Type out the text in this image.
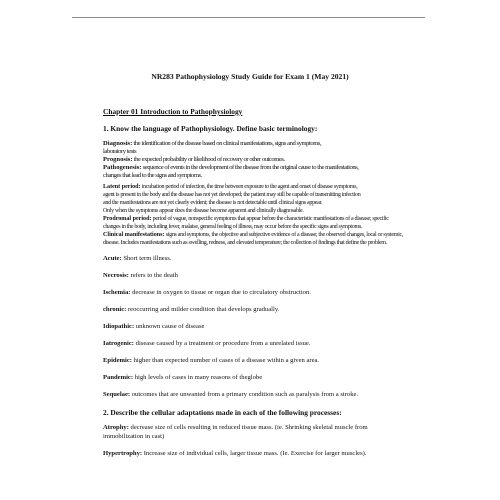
NR283 Pathophysiology Study Guide for Exam 1 (May 2021)
Chapter 01 Introduction to Pathophysiology
1. Know the language of Pathophysiology. Define basic terminology:
Diagnosis: the identification of the disease based on clinical manifestations, signs and symptoms,
laboratory tests
Prognosis: the expected probability or likelihood of recovery or other outcomes.
Pathogenesis: sequence of events in the development of the disease from the original cause to the manifestations,
changes that lead to the signs and symptoms.
Latent period: incubation period of infection, the time between exposure to the agent and onset of disease symptoms,
agent is present in the body and the disease has not yet developed; the patient may still be capable of transmitting infection
and the manifestations are not yet clearly evident; the disease is not detectable until clinical signs appear.
Only when the symptoms appear does the disease become apparent and clinically diagnosable.
Prodromal period: period of vague, nonspecific symptoms that appear before the characteristic manifestations of a disease; specific
changes in the body, including fever, malaise, general feeling of illness, may occur before the specific signs and symptoms.
Clinical manifestations: signs and symptoms, the objective and subjective evidence of a disease; the observed changes, local or systemic,
disease. Includes manifestations such as swelling, redness, and elevated temperature; the collection of findings that define the problem.
Acute: Short term illness.
Necrosis: refers to the death
Ischemia: decrease in oxygen to tissue or organ due to circulatory obstruction.
chronic: reoccurring and milder condition that develops gradually.
Idiopathic: unknown cause of disease
Iatrogenic: disease caused by a treatment or procedure from a unrelated issue.
Epidemic: higher than expected number of cases of a disease within a given area.
Pandemic: high levels of cases in many reasons of theglobe
Sequelae: outcomes that are unwanted from a primary condition such as paralysis from a stroke.
2. Describe the cellular adaptations made in each of the following processes:
Atrophy: decrease size of cells resulting in reduced tissue mass. (ie. Shrinking skeletal muscle from immobilization in cast)
Hypertrophy: Increase size of individual cells, larger tissue mass. (Ie. Exercise for larger muscles).
